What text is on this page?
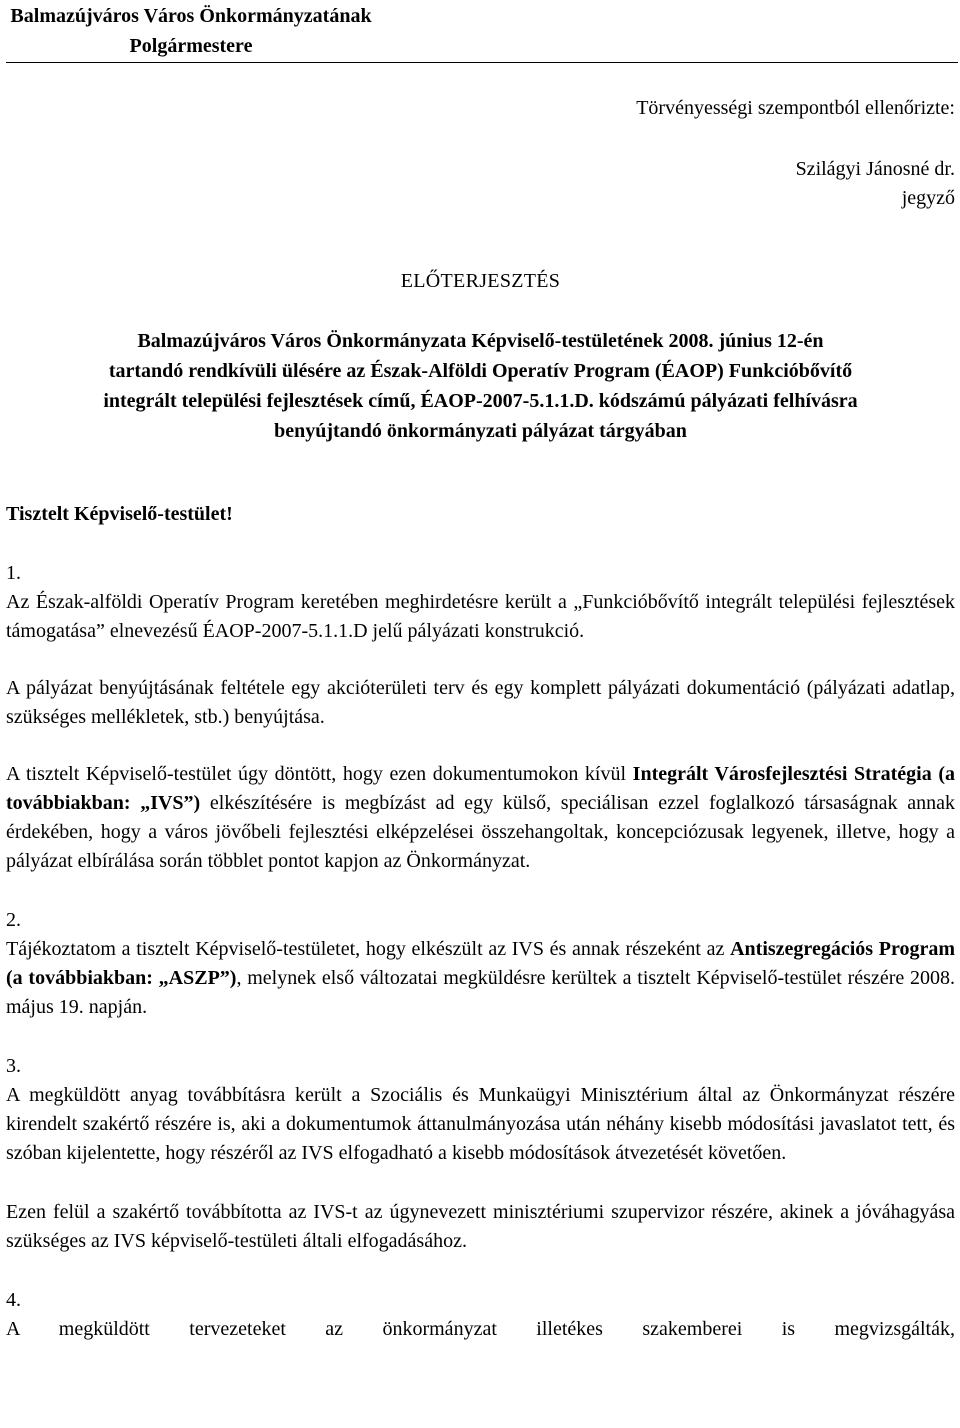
Balmazújváros Város Önkormányzatának
Polgármestere
Törvényességi szempontból ellenőrizte:
Szilágyi Jánosné dr.
jegyző
ELŐTERJESZTÉS
Balmazújváros Város Önkormányzata Képviselő-testületének 2008. június 12-én
tartandó rendkívüli ülésére az Észak-Alföldi Operatív Program (ÉAOP) Funkcióbővítő
integrált települési fejlesztések című, ÉAOP-2007-5.1.1.D. kódszámú pályázati felhívásra
benyújtandó önkormányzati pályázat tárgyában

Tisztelt Képviselő-testület!

1.

Az Észak-alföldi Operatív Program keretében meghirdetésre került a „Funkcióbővítő integrált települési fejlesztések támogatása” elnevezésű ÉAOP-2007-5.1.1.D jelű pályázati konstrukció.

A pályázat benyújtásának feltétele egy akcióterületi terv és egy komplett pályázati dokumentáció (pályázati adatlap, szükséges mellékletek, stb.) benyújtása.

A tisztelt Képviselő-testület úgy döntött, hogy ezen dokumentumokon kívül Integrált Városfejlesztési Stratégia (a továbbiakban: „IVS”) elkészítésére is megbízást ad egy külső, speciálisan ezzel foglalkozó társaságnak annak érdekében, hogy a város jövőbeli fejlesztési elképzelései összehangoltak, koncepciózusak legyenek, illetve, hogy a pályázat elbírálása során többlet pontot kapjon az Önkormányzat.

2.

Tájékoztatom a tisztelt Képviselő-testületet, hogy elkészült az IVS és annak részeként az Antiszegregációs Program (a továbbiakban: „ASZP”), melynek első változatai megküldésre kerültek a tisztelt Képviselő-testület részére 2008. május 19. napján.

3.

A megküldött anyag továbbításra került a Szociális és Munkaügyi Minisztérium által az Önkormányzat részére kirendelt szakértő részére is, aki a dokumentumok áttanulmányozása után néhány kisebb módosítási javaslatot tett, és szóban kijelentette, hogy részéről az IVS elfogadható a kisebb módosítások átvezetését követően.

Ezen felül a szakértő továbbította az IVS-t az úgynevezett minisztériumi szupervizor részére, akinek a jóváhagyása szükséges az IVS képviselő-testületi általi elfogadásához.

4.

A megküldött tervezeteket az önkormányzat illetékes szakemberei is megvizsgálták,
